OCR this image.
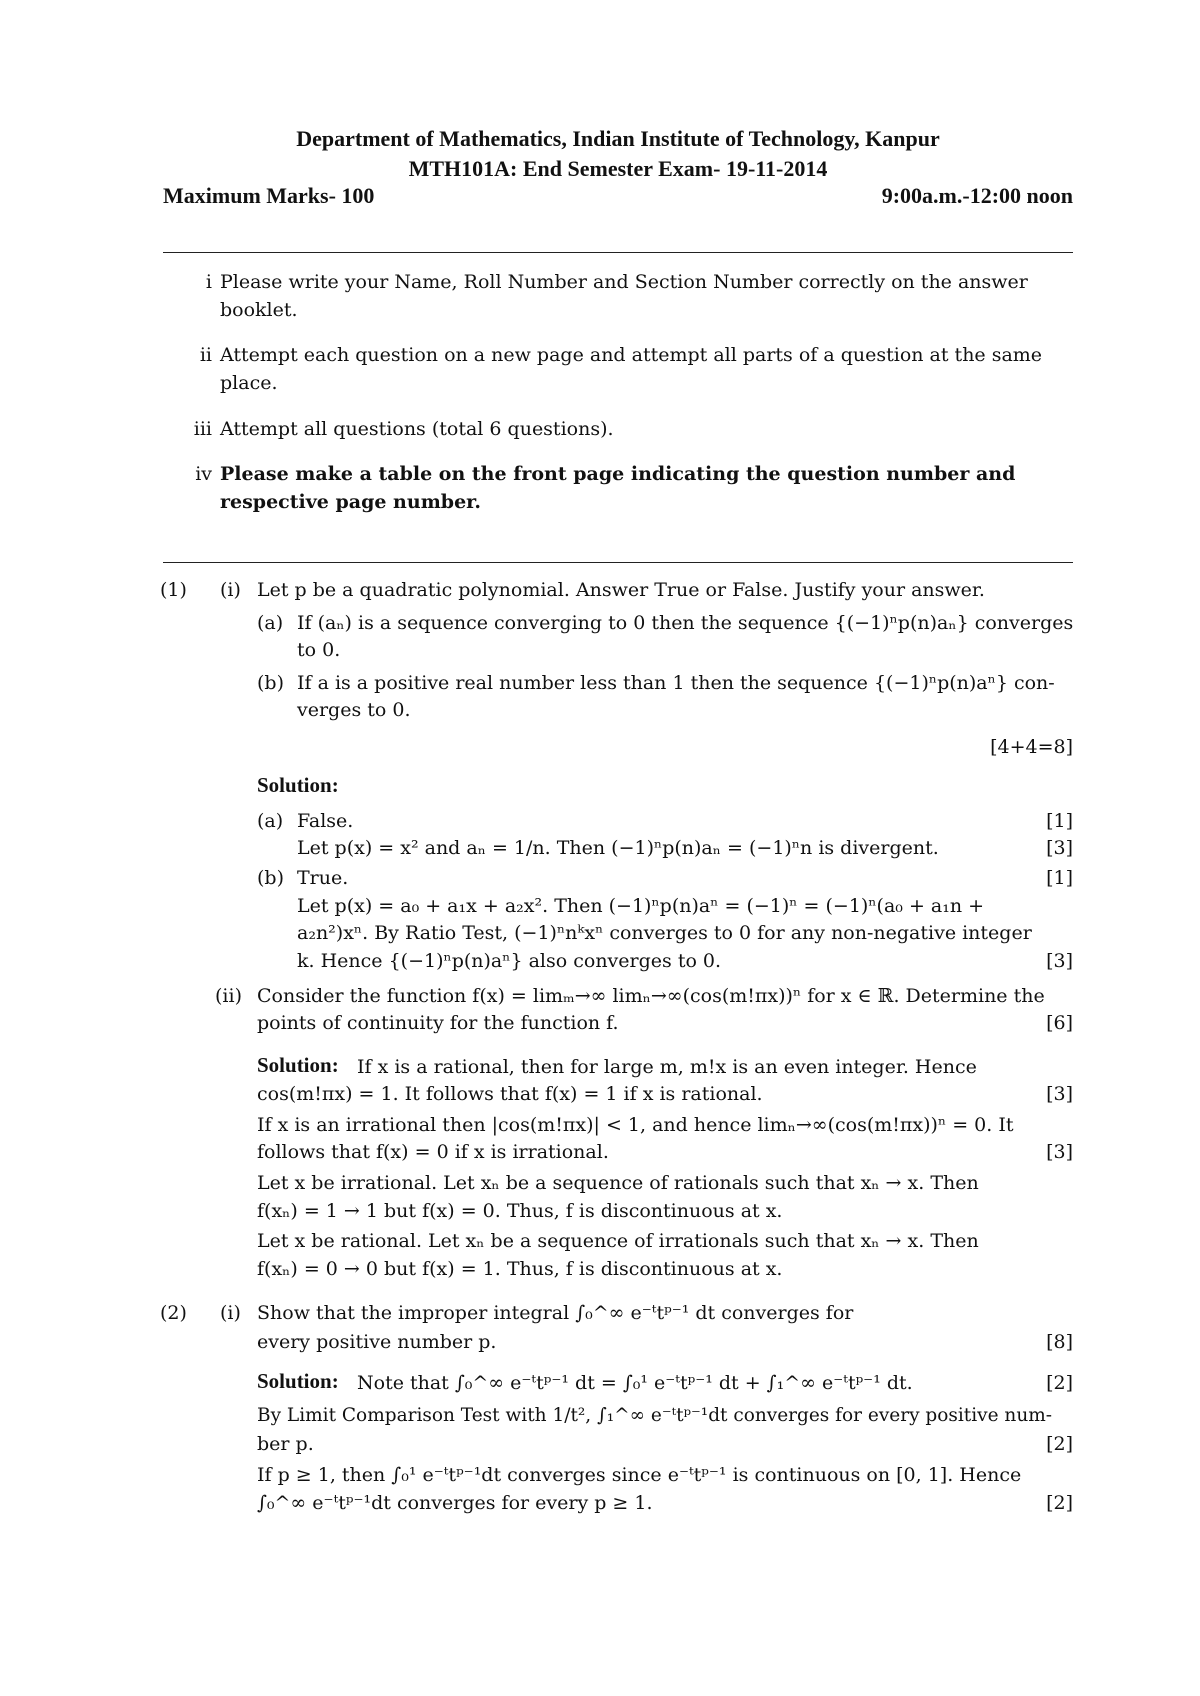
Department of Mathematics, Indian Institute of Technology, Kanpur
MTH101A: End Semester Exam- 19-11-2014
Maximum Marks- 100	9:00a.m.-12:00 noon
i Please write your Name, Roll Number and Section Number correctly on the answer
booklet.
ii Attempt each question on a new page and attempt all parts of a question at the same
place.
iii Attempt all questions (total 6 questions).
iv Please make a table on the front page indicating the question number and
respective page number.
(1) (i) Let p be a quadratic polynomial. Answer True or False. Justify your answer.
(a) If (aₙ) is a sequence converging to 0 then the sequence {(−1)ⁿp(n)aₙ} converges
to 0.
(b) If a is a positive real number less than 1 then the sequence {(−1)ⁿp(n)aⁿ} con-
verges to 0.
[4+4=8]
Solution:
(a) False.	[1]
Let p(x) = x² and aₙ = 1/n. Then (−1)ⁿp(n)aₙ = (−1)ⁿn is divergent.	[3]
(b) True.	[1]
Let p(x) = a₀ + a₁x + a₂x². Then (−1)ⁿp(n)aⁿ = (−1)ⁿ = (−1)ⁿ(a₀ + a₁n +
a₂n²)xⁿ. By Ratio Test, (−1)ⁿnᵏxⁿ converges to 0 for any non-negative integer
k. Hence {(−1)ⁿp(n)aⁿ} also converges to 0.	[3]
(ii) Consider the function f(x) = limₘ→∞ limₙ→∞(cos(m!πx))ⁿ for x ∈ ℝ. Determine the
points of continuity for the function f.	[6]
Solution: If x is a rational, then for large m, m!x is an even integer. Hence
cos(m!πx) = 1. It follows that f(x) = 1 if x is rational.	[3]
If x is an irrational then |cos(m!πx)| < 1, and hence limₙ→∞(cos(m!πx))ⁿ = 0. It
follows that f(x) = 0 if x is irrational.	[3]
Let x be irrational. Let xₙ be a sequence of rationals such that xₙ → x. Then
f(xₙ) = 1 → 1 but f(x) = 0. Thus, f is discontinuous at x.
Let x be rational. Let xₙ be a sequence of irrationals such that xₙ → x. Then
f(xₙ) = 0 → 0 but f(x) = 1. Thus, f is discontinuous at x.
(2) (i) Show that the improper integral ∫₀^∞ e⁻ᵗtᵖ⁻¹ dt converges for
every positive number p.	[8]
Solution: Note that ∫₀^∞ e⁻ᵗtᵖ⁻¹ dt = ∫₀¹ e⁻ᵗtᵖ⁻¹ dt + ∫₁^∞ e⁻ᵗtᵖ⁻¹ dt.	[2]
By Limit Comparison Test with 1/t², ∫₁^∞ e⁻ᵗtᵖ⁻¹dt converges for every positive num-
ber p.	[2]
If p ≥ 1, then ∫₀¹ e⁻ᵗtᵖ⁻¹dt converges since e⁻ᵗtᵖ⁻¹ is continuous on [0, 1]. Hence
∫₀^∞ e⁻ᵗtᵖ⁻¹dt converges for every p ≥ 1.	[2]
